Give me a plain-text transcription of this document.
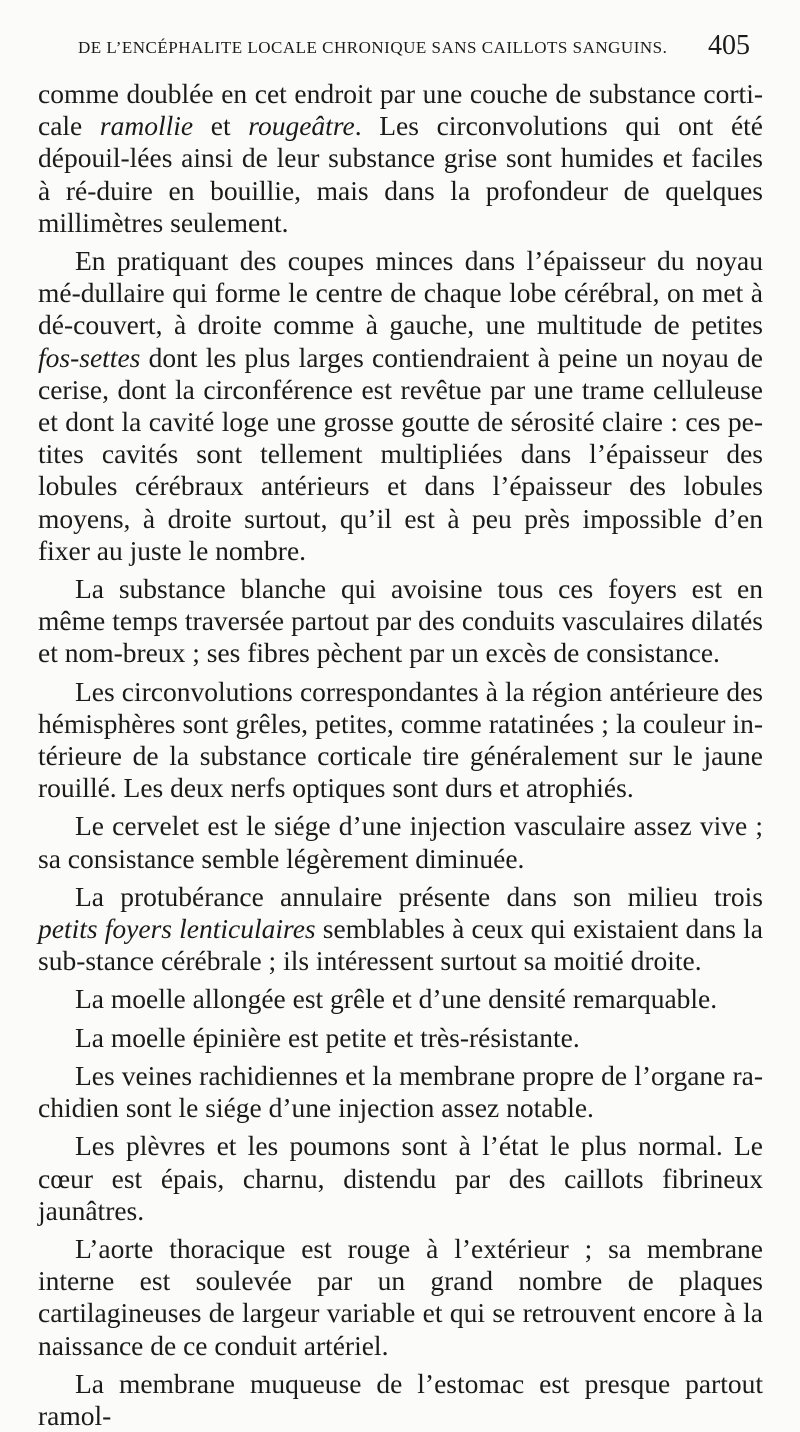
DE L’ENCÉPHALITE LOCALE CHRONIQUE SANS CAILLOTS SANGUINS. 405

comme doublée en cet endroit par une couche de substance corti-cale ramollie et rougeâtre. Les circonvolutions qui ont été dépouil-lées ainsi de leur substance grise sont humides et faciles à ré-duire en bouillie, mais dans la profondeur de quelques millimètres seulement.

En pratiquant des coupes minces dans l’épaisseur du noyau mé-dullaire qui forme le centre de chaque lobe cérébral, on met à dé-couvert, à droite comme à gauche, une multitude de petites fos-settes dont les plus larges contiendraient à peine un noyau de cerise, dont la circonférence est revêtue par une trame celluleuse et dont la cavité loge une grosse goutte de sérosité claire : ces pe-tites cavités sont tellement multipliées dans l’épaisseur des lobules cérébraux antérieurs et dans l’épaisseur des lobules moyens, à droite surtout, qu’il est à peu près impossible d’en fixer au juste le nombre.

La substance blanche qui avoisine tous ces foyers est en même temps traversée partout par des conduits vasculaires dilatés et nom-breux ; ses fibres pèchent par un excès de consistance.

Les circonvolutions correspondantes à la région antérieure des hémisphères sont grêles, petites, comme ratatinées ; la couleur in-térieure de la substance corticale tire généralement sur le jaune rouillé. Les deux nerfs optiques sont durs et atrophiés.

Le cervelet est le siége d’une injection vasculaire assez vive ; sa consistance semble légèrement diminuée.

La protubérance annulaire présente dans son milieu trois petits foyers lenticulaires semblables à ceux qui existaient dans la sub-stance cérébrale ; ils intéressent surtout sa moitié droite.

La moelle allongée est grêle et d’une densité remarquable.

La moelle épinière est petite et très-résistante.

Les veines rachidiennes et la membrane propre de l’organe ra-chidien sont le siége d’une injection assez notable.

Les plèvres et les poumons sont à l’état le plus normal. Le cœur est épais, charnu, distendu par des caillots fibrineux jaunâtres.

L’aorte thoracique est rouge à l’extérieur ; sa membrane interne est soulevée par un grand nombre de plaques cartilagineuses de largeur variable et qui se retrouvent encore à la naissance de ce conduit artériel.

La membrane muqueuse de l’estomac est presque partout ramol-
